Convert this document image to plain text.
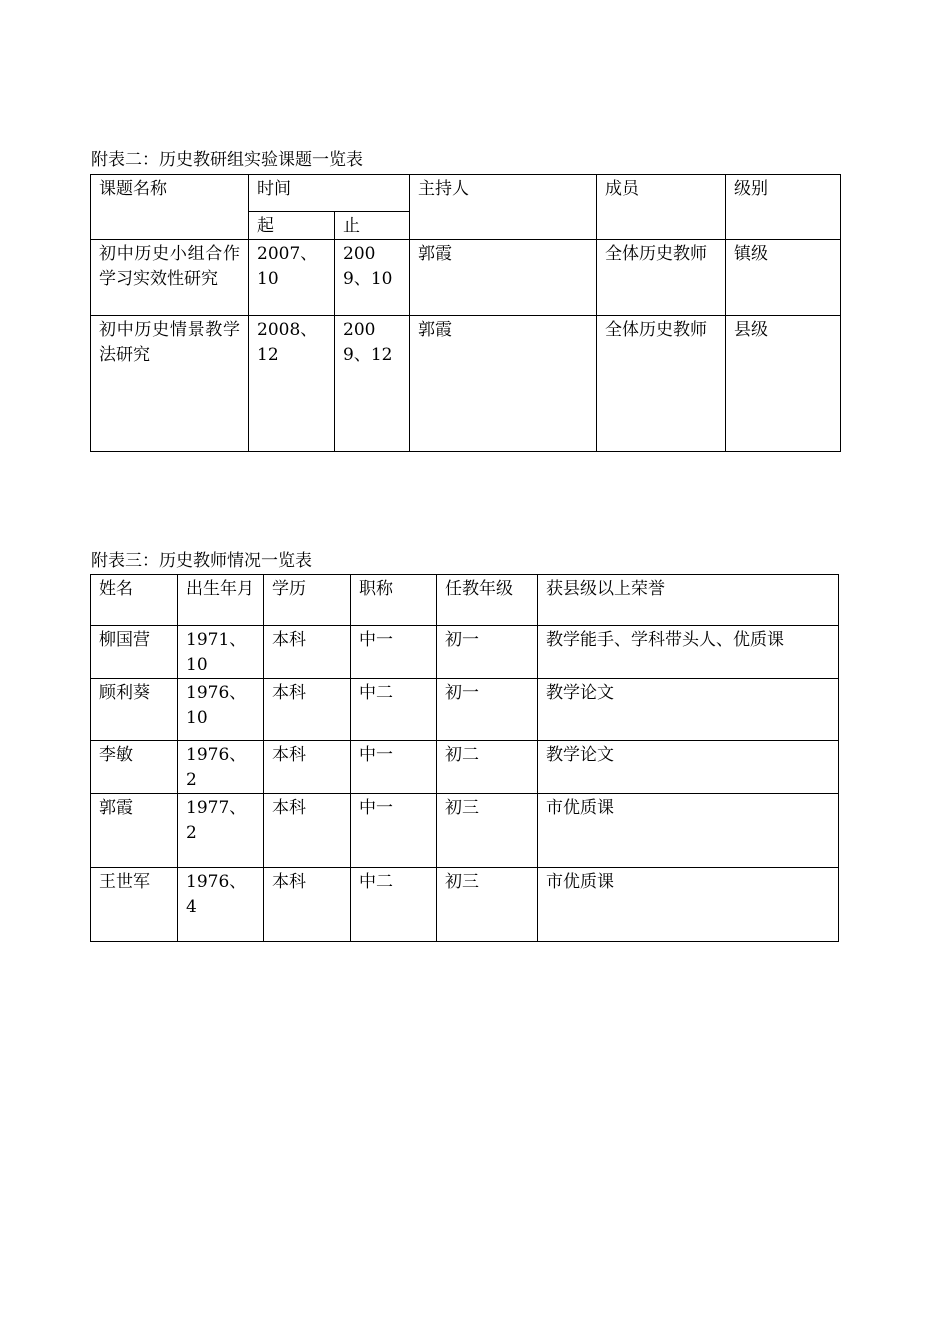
附表二：历史教研组实验课题一览表
课题名称	时间		主持人	成员	级别
	起	止			
初中历史小组合作学习实效性研究	2007、10	2009、10	郭霞	全体历史教师	镇级
初中历史情景教学法研究	2008、12	2009、12	郭霞	全体历史教师	县级
附表三：历史教师情况一览表
姓名	出生年月	学历	职称	任教年级	获县级以上荣誉
柳国营	1971、10	本科	中一	初一	教学能手、学科带头人、优质课
顾利葵	1976、10	本科	中二	初一	教学论文
李敏	1976、2	本科	中一	初二	教学论文
郭霞	1977、2	本科	中一	初三	市优质课
王世军	1976、4	本科	中二	初三	市优质课
